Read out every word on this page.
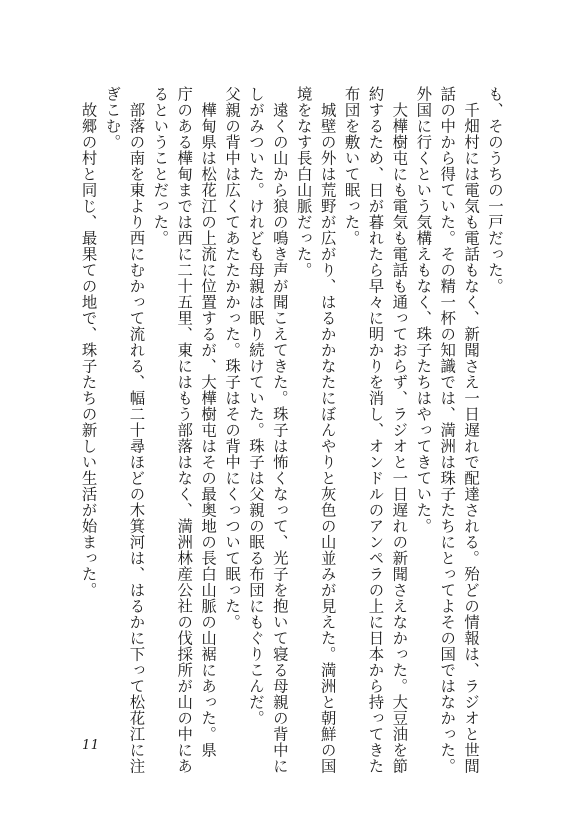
も、そのうちの一戸だった。
　千畑村には電気も電話もなく、新聞さえ一日遅れで配達される。殆どの情報は、ラジオと世間
話の中から得ていた。その精一杯の知識では、満洲は珠子たちにとってよその国ではなかった。
外国に行くという気構えもなく、珠子たちはやってきていた。
　大樺樹屯にも電気も電話も通っておらず、ラジオと一日遅れの新聞さえなかった。大豆油を節
約するため、日が暮れたら早々に明かりを消し、オンドルのアンペラの上に日本から持ってきた
布団を敷いて眠った。
　城壁の外は荒野が広がり、はるかかなたにぼんやりと灰色の山並みが見えた。満洲と朝鮮の国
境をなす長白山脈だった。
　遠くの山から狼の鳴き声が聞こえてきた。珠子は怖くなって、光子を抱いて寝る母親の背中に
しがみついた。けれども母親は眠り続けていた。珠子は父親の眠る布団にもぐりこんだ。
父親の背中は広くてあたたかかった。珠子はその背中にくっついて眠った。
　樺甸県は松花江の上流に位置するが、大樺樹屯はその最奥地の長白山脈の山裾にあった。県
庁のある樺甸までは西に二十五里、東にはもう部落はなく、満洲林産公社の伐採所が山の中にあ
るということだった。
　部落の南を東より西にむかって流れる、幅二十尋ほどの木箕河は、はるかに下って松花江に注
ぎこむ。
　故郷の村と同じ、最果ての地で、珠子たちの新しい生活が始まった。
11
